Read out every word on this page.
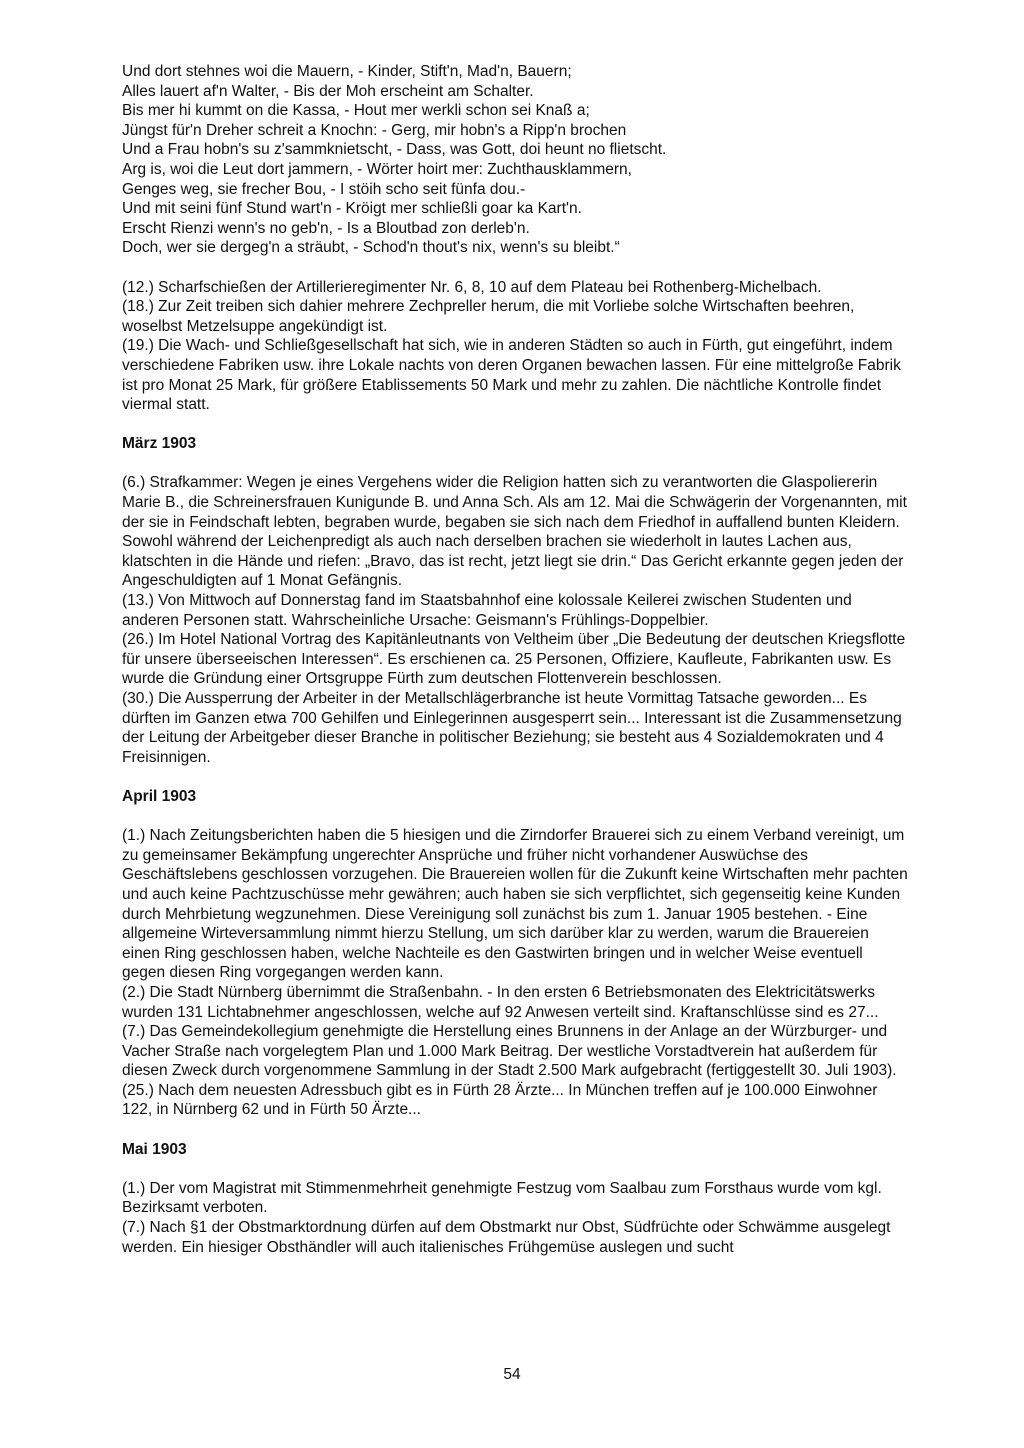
Und dort stehnes woi die Mauern, - Kinder, Stift'n, Mad'n, Bauern;
Alles lauert af'n Walter, - Bis der Moh erscheint am Schalter.
Bis mer hi kummt on die Kassa, - Hout mer werkli schon sei Knaß a;
Jüngst für'n Dreher schreit a Knochn: - Gerg, mir hobn's a Ripp'n brochen
Und a Frau hobn's su z'sammknietscht, - Dass, was Gott, doi heunt no flietscht.
Arg is, woi die Leut dort jammern, - Wörter hoirt mer: Zuchthausklammern,
Genges weg, sie frecher Bou, - I stöih scho seit fünfa dou.-
Und mit seini fünf Stund wart'n - Kröigt mer schließli goar ka Kart'n.
Erscht Rienzi wenn's no geb'n, - Is a Bloutbad zon derleb'n.
Doch, wer sie dergeg'n a sträubt, - Schod'n thout's nix, wenn's su bleibt.“

(12.) Scharfschießen der Artillerieregimenter Nr. 6, 8, 10 auf dem Plateau bei Rothenberg-Michelbach.

(18.) Zur Zeit treiben sich dahier mehrere Zechpreller herum, die mit Vorliebe solche Wirtschaften beehren, woselbst Metzelsuppe angekündigt ist.

(19.) Die Wach- und Schließgesellschaft hat sich, wie in anderen Städten so auch in Fürth, gut eingeführt, indem verschiedene Fabriken usw. ihre Lokale nachts von deren Organen bewachen lassen. Für eine mittelgroße Fabrik ist pro Monat 25 Mark, für größere Etablissements 50 Mark und mehr zu zahlen. Die nächtliche Kontrolle findet viermal statt.

März 1903

(6.) Strafkammer: Wegen je eines Vergehens wider die Religion hatten sich zu verantworten die Glaspoliererin Marie B., die Schreinersfrauen Kunigunde B. und Anna Sch. Als am 12. Mai die Schwägerin der Vorgenannten, mit der sie in Feindschaft lebten, begraben wurde, begaben sie sich nach dem Friedhof in auffallend bunten Kleidern. Sowohl während der Leichenpredigt als auch nach derselben brachen sie wiederholt in lautes Lachen aus, klatschten in die Hände und riefen: „Bravo, das ist recht, jetzt liegt sie drin.“ Das Gericht erkannte gegen jeden der Angeschuldigten auf 1 Monat Gefängnis.

(13.) Von Mittwoch auf Donnerstag fand im Staatsbahnhof eine kolossale Keilerei zwischen Studenten und anderen Personen statt. Wahrscheinliche Ursache: Geismann's Frühlings-Doppelbier.

(26.) Im Hotel National Vortrag des Kapitänleutnants von Veltheim über „Die Bedeutung der deutschen Kriegsflotte für unsere überseeischen Interessen“. Es erschienen ca. 25 Personen, Offiziere, Kaufleute, Fabrikanten usw. Es wurde die Gründung einer Ortsgruppe Fürth zum deutschen Flottenverein beschlossen.

(30.) Die Aussperrung der Arbeiter in der Metallschlägerbranche ist heute Vormittag Tatsache geworden... Es dürften im Ganzen etwa 700 Gehilfen und Einlegerinnen ausgesperrt sein... Interessant ist die Zusammensetzung der Leitung der Arbeitgeber dieser Branche in politischer Beziehung; sie besteht aus 4 Sozialdemokraten und 4 Freisinnigen.

April 1903

(1.) Nach Zeitungsberichten haben die 5 hiesigen und die Zirndorfer Brauerei sich zu einem Verband vereinigt, um zu gemeinsamer Bekämpfung ungerechter Ansprüche und früher nicht vorhandener Auswüchse des Geschäftslebens geschlossen vorzugehen. Die Brauereien wollen für die Zukunft keine Wirtschaften mehr pachten und auch keine Pachtzuschüsse mehr gewähren; auch haben sie sich verpflichtet, sich gegenseitig keine Kunden durch Mehrbietung wegzunehmen. Diese Vereinigung soll zunächst bis zum 1. Januar 1905 bestehen. - Eine allgemeine Wirteversammlung nimmt hierzu Stellung, um sich darüber klar zu werden, warum die Brauereien einen Ring geschlossen haben, welche Nachteile es den Gastwirten bringen und in welcher Weise eventuell gegen diesen Ring vorgegangen werden kann.

(2.) Die Stadt Nürnberg übernimmt die Straßenbahn. - In den ersten 6 Betriebsmonaten des Elektricitätswerks wurden 131 Lichtabnehmer angeschlossen, welche auf 92 Anwesen verteilt sind. Kraftanschlüsse sind es 27...

(7.) Das Gemeindekollegium genehmigte die Herstellung eines Brunnens in der Anlage an der Würzburger- und Vacher Straße nach vorgelegtem Plan und 1.000 Mark Beitrag. Der westliche Vorstadtverein hat außerdem für diesen Zweck durch vorgenommene Sammlung in der Stadt 2.500 Mark aufgebracht (fertiggestellt 30. Juli 1903).

(25.) Nach dem neuesten Adressbuch gibt es in Fürth 28 Ärzte... In München treffen auf je 100.000 Einwohner 122, in Nürnberg 62 und in Fürth 50 Ärzte...

Mai 1903

(1.) Der vom Magistrat mit Stimmenmehrheit genehmigte Festzug vom Saalbau zum Forsthaus wurde vom kgl. Bezirksamt verboten.

(7.) Nach §1 der Obstmarktordnung dürfen auf dem Obstmarkt nur Obst, Südfrüchte oder Schwämme ausgelegt werden. Ein hiesiger Obsthändler will auch italienisches Frühgemüse auslegen und sucht

54
